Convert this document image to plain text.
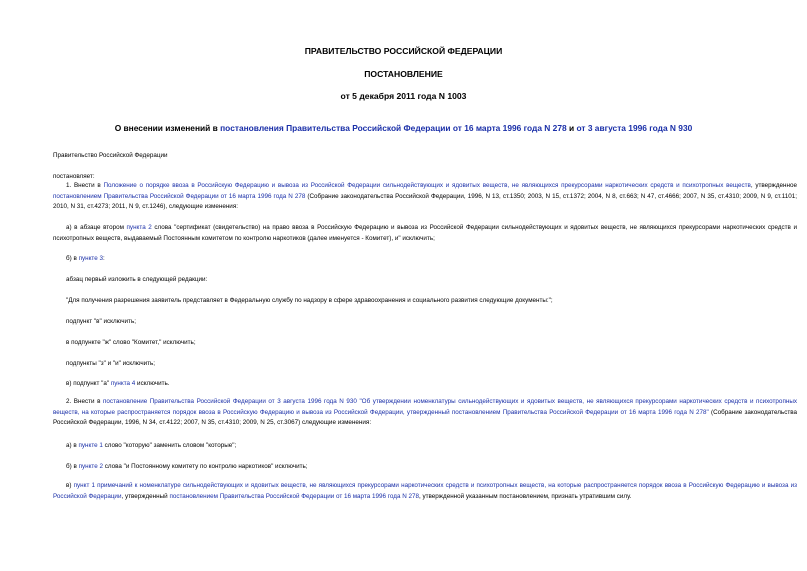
ПРАВИТЕЛЬСТВО РОССИЙСКОЙ ФЕДЕРАЦИИ
ПОСТАНОВЛЕНИЕ
от 5 декабря 2011 года N 1003
О внесении изменений в постановления Правительства Российской Федерации от 16 марта 1996 года N 278 и от 3 августа 1996 года N 930
Правительство Российской Федерации
постановляет:
1. Внести в Положение о порядке ввоза в Российскую Федерацию и вывоза из Российской Федерации сильнодействующих и ядовитых веществ, не являющихся прекурсорами наркотических средств и психотропных веществ, утвержденное постановлением Правительства Российской Федерации от 16 марта 1996 года N 278 (Собрание законодательства Российской Федерации, 1996, N 13, ст.1350; 2003, N 15, ст.1372; 2004, N 8, ст.663; N 47, ст.4666; 2007, N 35, ст.4310; 2009, N 9, ст.1101; 2010, N 31, ст.4273; 2011, N 9, ст.1246), следующие изменения:
а) в абзаце втором пункта 2 слова "сертификат (свидетельство) на право ввоза в Российскую Федерацию и вывоза из Российской Федерации сильнодействующих и ядовитых веществ, не являющихся прекурсорами наркотических средств и психотропных веществ, выдаваемый Постоянным комитетом по контролю наркотиков (далее именуется - Комитет), и" исключить;
б) в пункте 3:
абзац первый изложить в следующей редакции:
"Для получения разрешения заявитель представляет в Федеральную службу по надзору в сфере здравоохранения и социального развития следующие документы:";
подпункт "в" исключить;
в подпункте "ж" слово "Комитет," исключить;
подпункты "з" и "и" исключить;
в) подпункт "а" пункта 4 исключить.
2. Внести в постановление Правительства Российской Федерации от 3 августа 1996 года N 930 "Об утверждении номенклатуры сильнодействующих и ядовитых веществ, не являющихся прекурсорами наркотических средств и психотропных веществ, на которые распространяется порядок ввоза в Российскую Федерацию и вывоза из Российской Федерации, утвержденный постановлением Правительства Российской Федерации от 16 марта 1996 года N 278" (Собрание законодательства Российской Федерации, 1996, N 34, ст.4122; 2007, N 35, ст.4310; 2009, N 25, ст.3067) следующие изменения:
а) в пункте 1 слово "которую" заменить словом "которые";
б) в пункте 2 слова "и Постоянному комитету по контролю наркотиков" исключить;
в) пункт 1 примечаний к номенклатуре сильнодействующих и ядовитых веществ, не являющихся прекурсорами наркотических средств и психотропных веществ, на которые распространяется порядок ввоза в Российскую Федерацию и вывоза из Российской Федерации, утвержденный постановлением Правительства Российской Федерации от 16 марта 1996 года N 278, утвержденной указанным постановлением, признать утратившим силу.
